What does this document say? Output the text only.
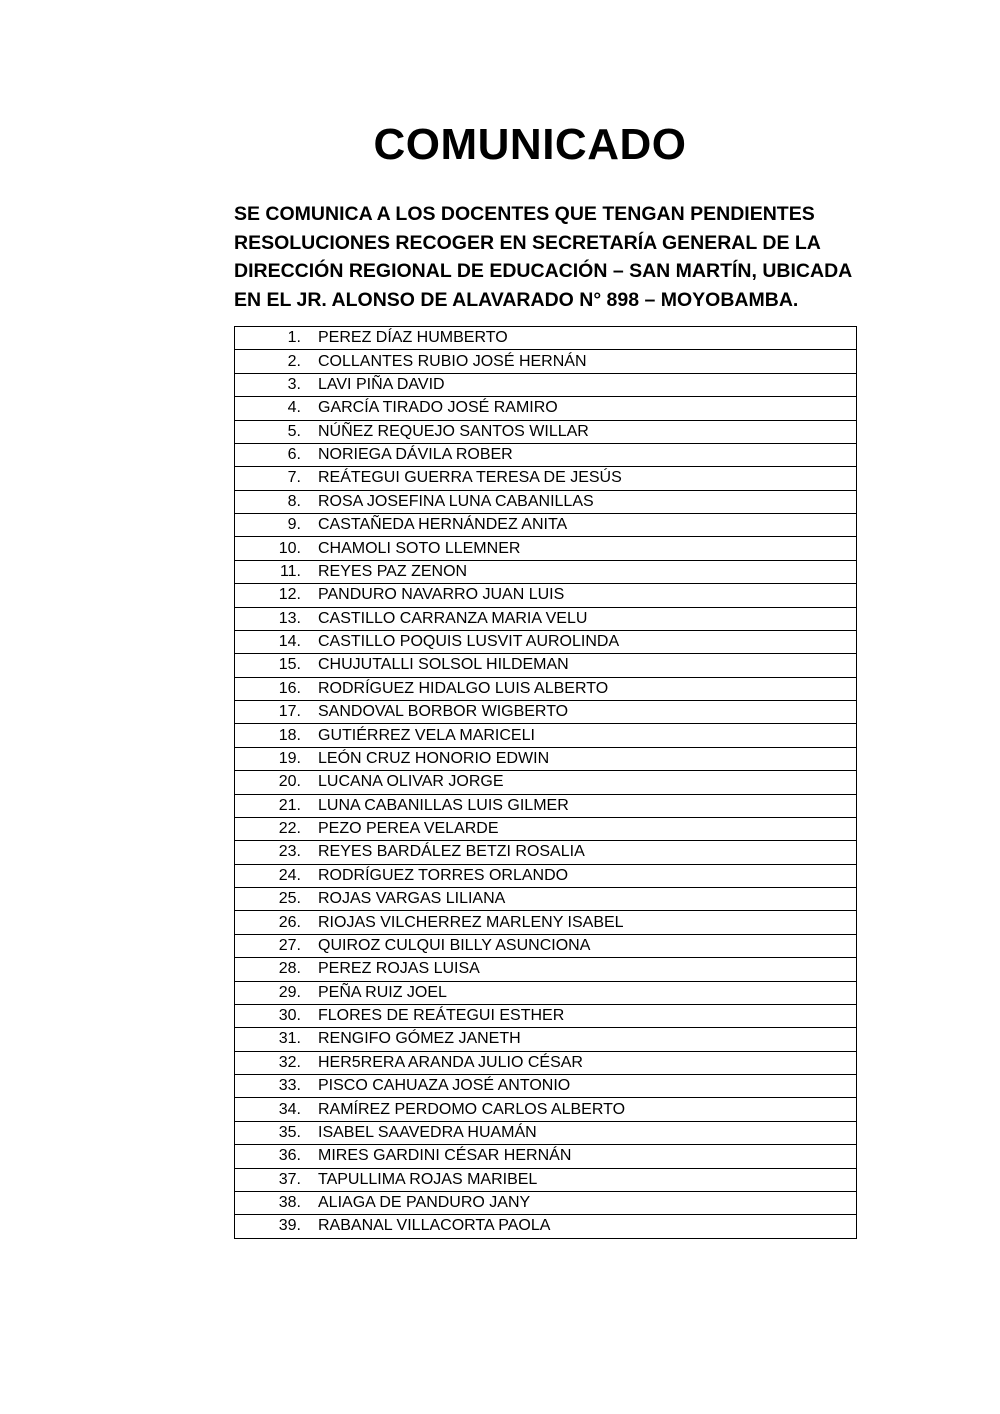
COMUNICADO
SE COMUNICA A LOS DOCENTES QUE TENGAN PENDIENTES
RESOLUCIONES RECOGER EN SECRETARÍA GENERAL DE LA
DIRECCIÓN REGIONAL DE EDUCACIÓN – SAN MARTÍN, UBICADA
EN EL JR. ALONSO DE ALAVARADO N° 898 – MOYOBAMBA.
1. PEREZ DÍAZ HUMBERTO
2. COLLANTES RUBIO JOSÉ HERNÁN
3. LAVI PIÑA DAVID
4. GARCÍA TIRADO JOSÉ RAMIRO
5. NÚÑEZ REQUEJO SANTOS WILLAR
6. NORIEGA DÁVILA ROBER
7. REÁTEGUI GUERRA TERESA DE JESÚS
8. ROSA JOSEFINA LUNA CABANILLAS
9. CASTAÑEDA HERNÁNDEZ ANITA
10. CHAMOLI SOTO LLEMNER
11. REYES PAZ ZENON
12. PANDURO NAVARRO JUAN LUIS
13. CASTILLO CARRANZA MARIA VELU
14. CASTILLO POQUIS LUSVIT AUROLINDA
15. CHUJUTALLI SOLSOL HILDEMAN
16. RODRÍGUEZ HIDALGO LUIS ALBERTO
17. SANDOVAL BORBOR WIGBERTO
18. GUTIÉRREZ VELA MARICELI
19. LEÓN CRUZ HONORIO EDWIN
20. LUCANA OLIVAR JORGE
21. LUNA CABANILLAS LUIS GILMER
22. PEZO PEREA VELARDE
23. REYES BARDÁLEZ BETZI ROSALIA
24. RODRÍGUEZ TORRES ORLANDO
25. ROJAS VARGAS LILIANA
26. RIOJAS VILCHERREZ MARLENY ISABEL
27. QUIROZ CULQUI BILLY ASUNCIONA
28. PEREZ ROJAS LUISA
29. PEÑA RUIZ JOEL
30. FLORES DE REÁTEGUI ESTHER
31. RENGIFO GÓMEZ JANETH
32. HER5RERA ARANDA JULIO CÉSAR
33. PISCO CAHUAZA JOSÉ ANTONIO
34. RAMÍREZ PERDOMO CARLOS ALBERTO
35. ISABEL SAAVEDRA HUAMÁN
36. MIRES GARDINI CÉSAR HERNÁN
37. TAPULLIMA ROJAS MARIBEL
38. ALIAGA DE PANDURO JANY
39. RABANAL VILLACORTA PAOLA
